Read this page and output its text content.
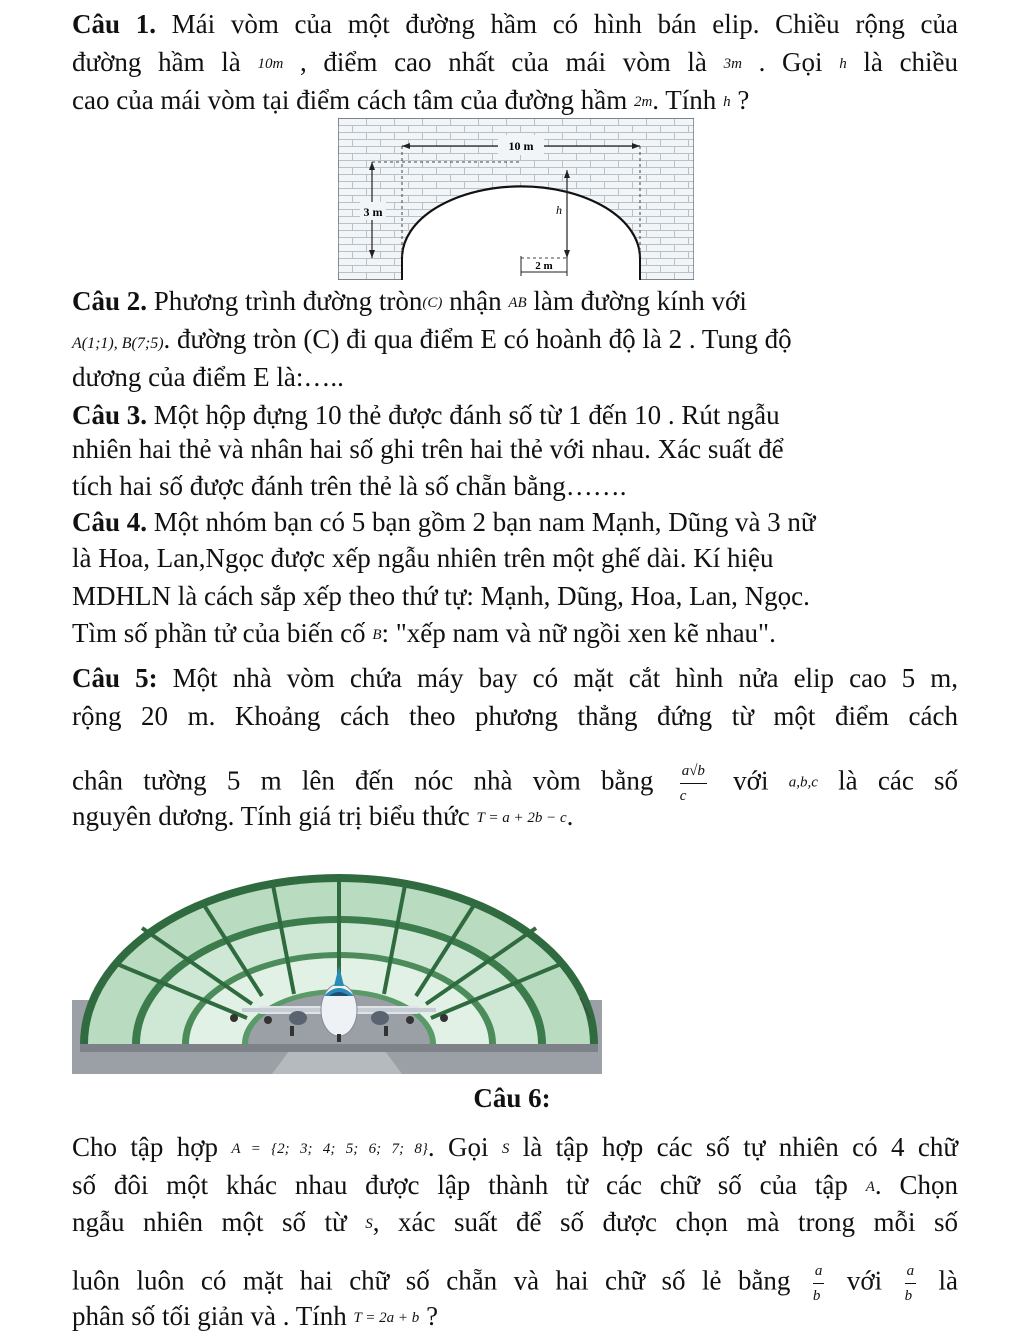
Câu 1. Mái vòm của một đường hầm có hình bán elip. Chiều rộng của
đường hầm là 10m , điểm cao nhất của mái vòm là 3m . Gọi h là chiều
cao của mái vòm tại điểm cách tâm của đường hầm 2m. Tính h ?
10 m
3 m	h
2 m
Câu 2. Phương trình đường tròn(C) nhận AB làm đường kính với
A(1;1), B(7;5). đường tròn (C) đi qua điểm E có hoành độ là 2 . Tung độ
dương của điểm E là:…..
Câu 3. Một hộp đựng 10 thẻ được đánh số từ 1 đến 10 . Rút ngẫu
nhiên hai thẻ và nhân hai số ghi trên hai thẻ với nhau. Xác suất để
tích hai số được đánh trên thẻ là số chẵn bằng…….
Câu 4. Một nhóm bạn có 5 bạn gồm 2 bạn nam Mạnh, Dũng và 3 nữ
là Hoa, Lan,Ngọc được xếp ngẫu nhiên trên một ghế dài. Kí hiệu
MDHLN là cách sắp xếp theo thứ tự: Mạnh, Dũng, Hoa, Lan, Ngọc.
Tìm số phần tử của biến cố B: "xếp nam và nữ ngồi xen kẽ nhau".
Câu 5: Một nhà vòm chứa máy bay có mặt cắt hình nửa elip cao 5 m,
rộng 20 m. Khoảng cách theo phương thẳng đứng từ một điểm cách
chân tường 5 m lên đến nóc nhà vòm bằng $\frac{a√b}{c}$ với a,b,c là các số
nguyên dương. Tính giá trị biểu thức T = a + 2b − c.
Câu 6:
Cho tập hợp A = {2; 3; 4; 5; 6; 7; 8}. Gọi S là tập hợp các số tự nhiên có 4 chữ
số đôi một khác nhau được lập thành từ các chữ số của tập A. Chọn
ngẫu nhiên một số từ S, xác suất để số được chọn mà trong mỗi số
luôn luôn có mặt hai chữ số chẵn và hai chữ số lẻ bằng $\frac{a}{b}$ với $\frac{a}{b}$ là
phân số tối giản và . Tính T = 2a + b ?
